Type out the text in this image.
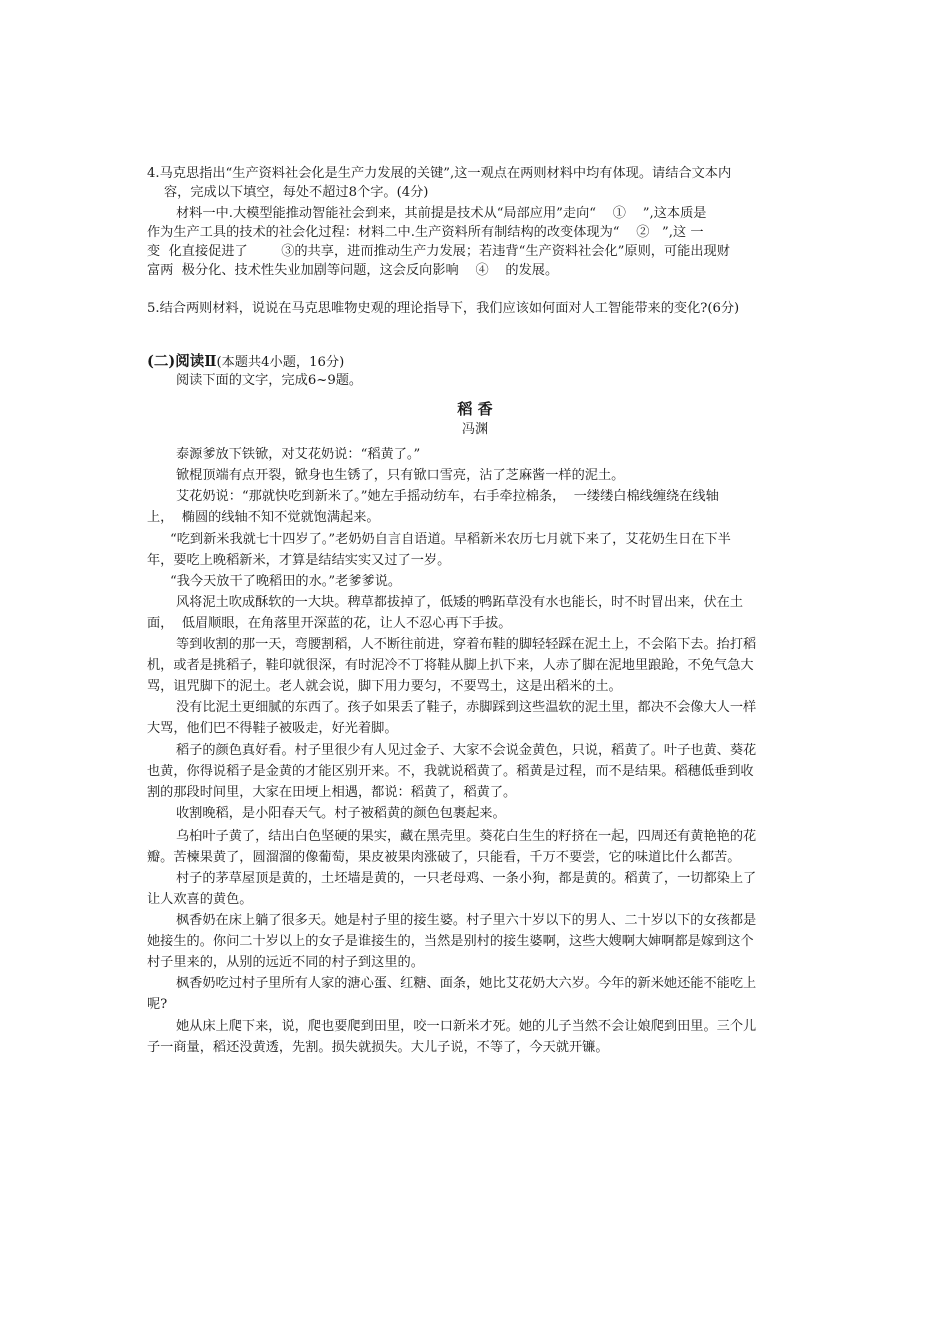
4.马克思指出“生产资料社会化是生产力发展的关键”,这一观点在两则材料中均有体现。请结合文本内
容，完成以下填空，每处不超过8个字。(4分)
材料一中.大模型能推动智能社会到来，其前提是技术从“局部应用”走向“    ①    ”,这本质是
作为生产工具的技术的社会化过程：材料二中.生产资料所有制结构的改变体现为“    ②   ”,这 一
变  化直接促进了        ③的共享，进而推动生产力发展；若违背“生产资料社会化”原则，可能出现财
富两  极分化、技术性失业加剧等问题，这会反向影响    ④    的发展。
5.结合两则材料，说说在马克思唯物史观的理论指导下，我们应该如何面对人工智能带来的变化?(6分)
(二)阅读Ⅱ(本题共4小题，16分)
阅读下面的文字，完成6~9题。
稻 香
冯渊
泰源爹放下铁锨，对艾花奶说：“稻黄了。”
锨棍顶端有点开裂，锨身也生锈了，只有锨口雪亮，沾了芝麻酱一样的泥土。
艾花奶说：“那就快吃到新米了。”她左手摇动纺车，右手牵拉棉条，  一缕缕白棉线缠绕在线轴
上，  椭圆的线轴不知不觉就饱满起来。
“吃到新米我就七十四岁了。”老奶奶自言自语道。早稻新米农历七月就下来了，艾花奶生日在下半
年，要吃上晚稻新米，才算是结结实实又过了一岁。
“我今天放干了晚稻田的水。”老爹爹说。
风将泥土吹成酥软的一大块。稗草都拔掉了，低矮的鸭跖草没有水也能长，时不时冒出来，伏在土
面，  低眉顺眼，在角落里开深蓝的花，让人不忍心再下手拔。
等到收割的那一天，弯腰割稻，人不断往前进，穿着布鞋的脚轻轻踩在泥土上，不会陷下去。抬打稻
机，或者是挑稻子，鞋印就很深，有时泥冷不丁将鞋从脚上扒下来，人赤了脚在泥地里踉跄，不免气急大
骂，诅咒脚下的泥土。老人就会说，脚下用力要匀，不要骂土，这是出稻米的土。
没有比泥土更细腻的东西了。孩子如果丢了鞋子，赤脚踩到这些温软的泥土里，都决不会像大人一样
大骂，他们巴不得鞋子被吸走，好光着脚。
稻子的颜色真好看。村子里很少有人见过金子、大家不会说金黄色，只说，稻黄了。叶子也黄、葵花
也黄，你得说稻子是金黄的才能区别开来。不，我就说稻黄了。稻黄是过程，而不是结果。稻穗低垂到收
割的那段时间里，大家在田埂上相遇，都说：稻黄了，稻黄了。
收割晚稻，是小阳春天气。村子被稻黄的颜色包裹起来。
乌桕叶子黄了，结出白色坚硬的果实，藏在黑壳里。葵花白生生的籽挤在一起，四周还有黄艳艳的花
瓣。苦楝果黄了，圆溜溜的像葡萄，果皮被果肉涨破了，只能看，千万不要尝，它的味道比什么都苦。
村子的茅草屋顶是黄的，土坯墙是黄的，一只老母鸡、一条小狗，都是黄的。稻黄了，一切都染上了
让人欢喜的黄色。
枫香奶在床上躺了很多天。她是村子里的接生婆。村子里六十岁以下的男人、二十岁以下的女孩都是
她接生的。你问二十岁以上的女子是谁接生的，当然是别村的接生婆啊，这些大嫂啊大婶啊都是嫁到这个
村子里来的，从别的远近不同的村子到这里的。
枫香奶吃过村子里所有人家的溏心蛋、红糖、面条，她比艾花奶大六岁。今年的新米她还能不能吃上
呢?
她从床上爬下来，说，爬也要爬到田里，咬一口新米才死。她的儿子当然不会让娘爬到田里。三个儿
子一商量，稻还没黄透，先割。损失就损失。大儿子说，不等了，今天就开镰。
